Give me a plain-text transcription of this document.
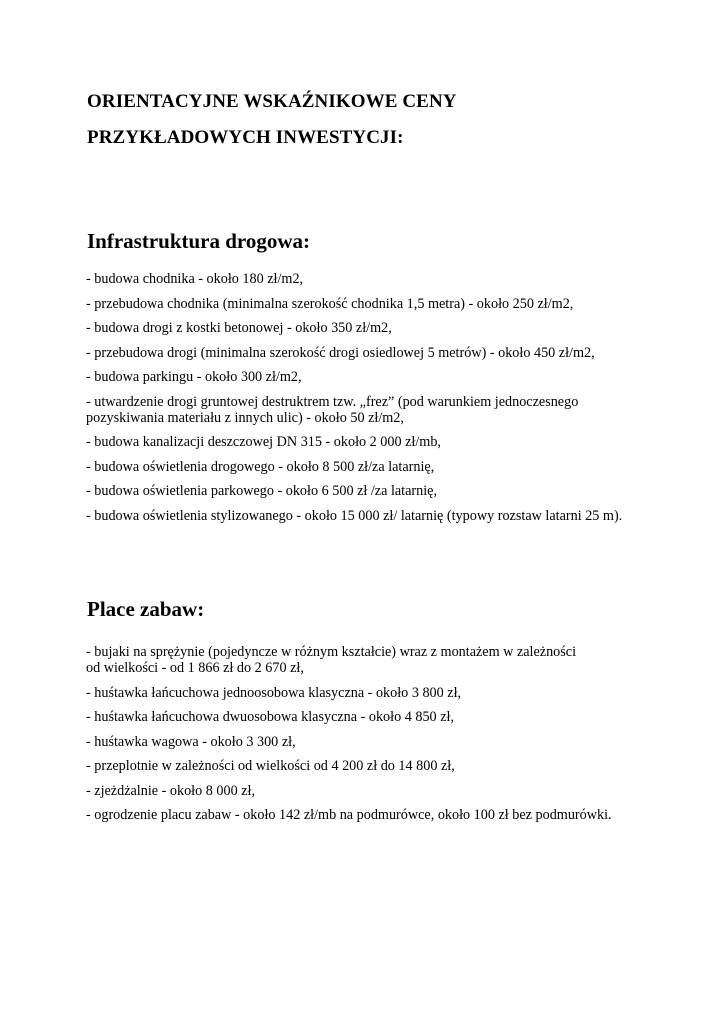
ORIENTACYJNE WSKAŹNIKOWE CENY
PRZYKŁADOWYCH INWESTYCJI:
Infrastruktura drogowa:
- budowa chodnika - około 180 zł/m2,
- przebudowa chodnika (minimalna szerokość chodnika 1,5 metra) - około 250 zł/m2,
- budowa drogi z kostki betonowej - około 350 zł/m2,
- przebudowa drogi (minimalna szerokość drogi osiedlowej 5 metrów) - około 450 zł/m2,
- budowa parkingu - około 300 zł/m2,
- utwardzenie drogi gruntowej destruktrem tzw. „frez” (pod warunkiem jednoczesnego
pozyskiwania materiału z innych ulic) - około 50 zł/m2,
- budowa kanalizacji deszczowej DN 315 - około 2 000 zł/mb,
- budowa oświetlenia drogowego - około 8 500 zł/za latarnię,
- budowa oświetlenia parkowego - około 6 500 zł /za latarnię,
- budowa oświetlenia stylizowanego - około 15 000 zł/ latarnię (typowy rozstaw latarni 25 m).
Place zabaw:
- bujaki na sprężynie (pojedyncze w różnym kształcie) wraz z montażem w zależności
od wielkości - od 1 866 zł do 2 670 zł,
- huśtawka łańcuchowa jednoosobowa klasyczna - około 3 800 zł,
- huśtawka łańcuchowa dwuosobowa klasyczna - około 4 850 zł,
- huśtawka wagowa - około 3 300 zł,
- przeplotnie w zależności od wielkości od 4 200 zł do 14 800 zł,
- zjeżdżalnie - około 8 000 zł,
- ogrodzenie placu zabaw - około 142 zł/mb na podmurówce, około 100 zł bez podmurówki.
